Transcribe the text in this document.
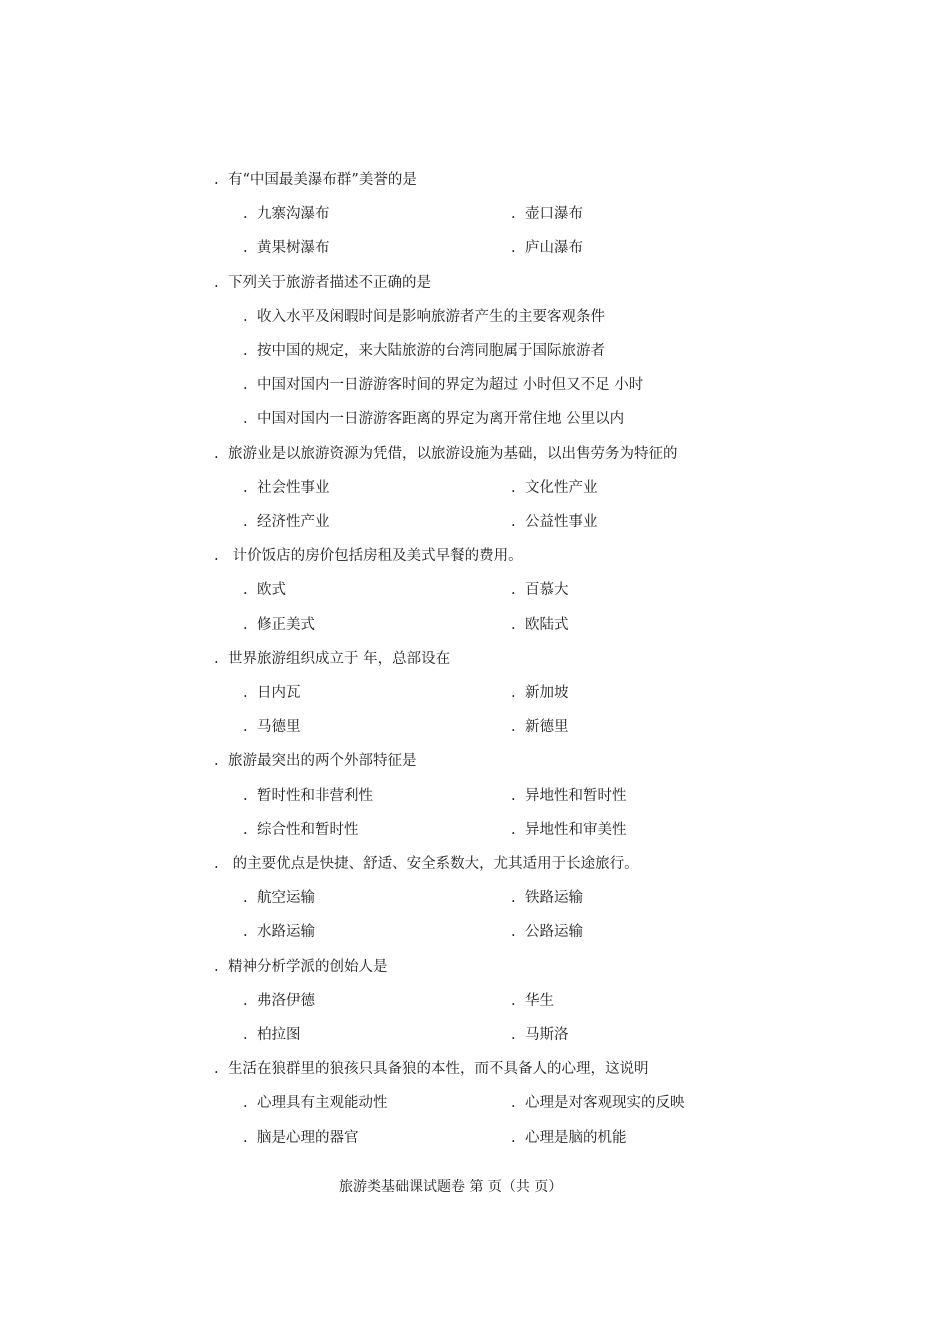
. 有“中国最美瀑布群”美誉的是
. 九寨沟瀑布	. 壶口瀑布
. 黄果树瀑布	. 庐山瀑布
. 下列关于旅游者描述不正确的是
. 收入水平及闲暇时间是影响旅游者产生的主要客观条件
. 按中国的规定，来大陆旅游的台湾同胞属于国际旅游者
. 中国对国内一日游游客时间的界定为超过 小时但又不足 小时
. 中国对国内一日游游客距离的界定为离开常住地 公里以内
. 旅游业是以旅游资源为凭借，以旅游设施为基础，以出售劳务为特征的
. 社会性事业	. 文化性产业
. 经济性产业	. 公益性事业
. 计价饭店的房价包括房租及美式早餐的费用。
. 欧式	. 百慕大
. 修正美式	. 欧陆式
. 世界旅游组织成立于 年，总部设在
. 日内瓦	. 新加坡
. 马德里	. 新德里
. 旅游最突出的两个外部特征是
. 暂时性和非营利性	. 异地性和暂时性
. 综合性和暂时性	. 异地性和审美性
. 的主要优点是快捷、舒适、安全系数大，尤其适用于长途旅行。
. 航空运输	. 铁路运输
. 水路运输	. 公路运输
. 精神分析学派的创始人是
. 弗洛伊德	. 华生
. 柏拉图	. 马斯洛
. 生活在狼群里的狼孩只具备狼的本性，而不具备人的心理，这说明
. 心理具有主观能动性	. 心理是对客观现实的反映
. 脑是心理的器官	. 心理是脑的机能
旅游类基础课试题卷 第 页（共 页）
